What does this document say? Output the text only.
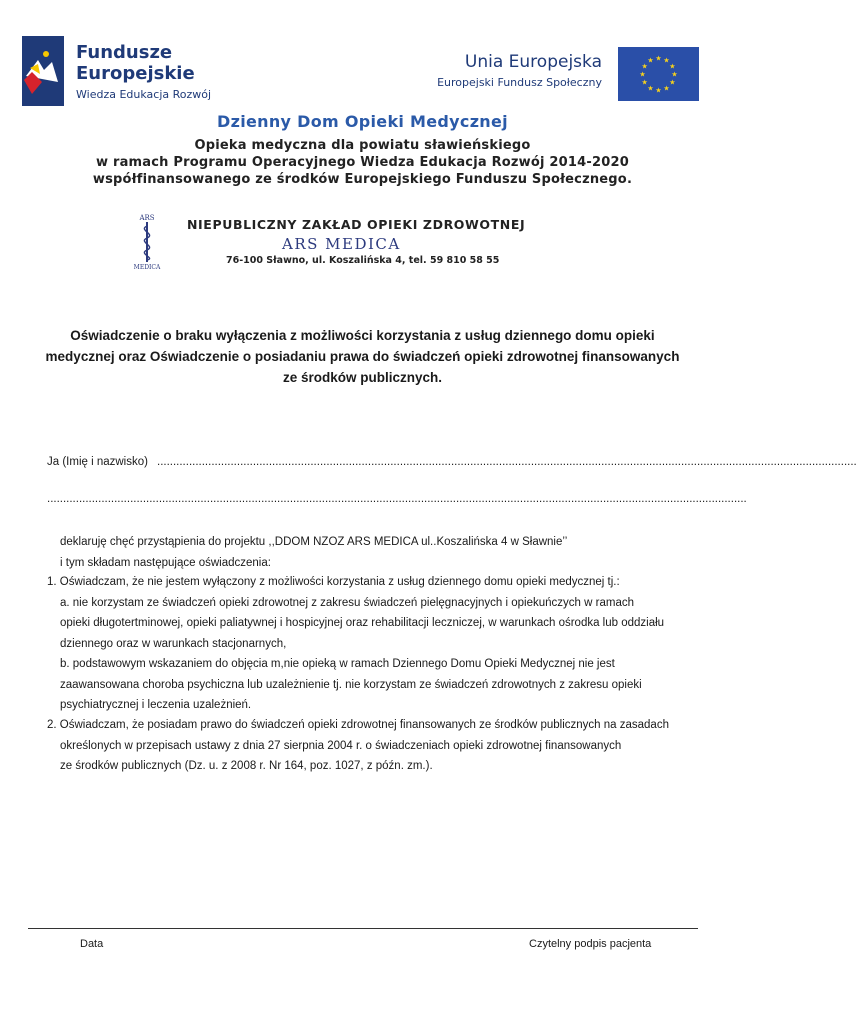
Fundusze
Europejskie
Wiedza Edukacja Rozwój
Unia Europejska
Europejski Fundusz Społeczny
★
★
★
★
★
★
★
★
★ ★ ★
★
Dzienny Dom Opieki Medycznej
Opieka medyczna dla powiatu sławieńskiego
w ramach Programu Operacyjnego Wiedza Edukacja Rozwój 2014-2020
współfinansowanego ze środków Europejskiego Funduszu Społecznego.
ARS
MEDICA
NIEPUBLICZNY ZAKŁAD OPIEKI ZDROWOTNEJ
ARS MEDICA
76-100 Sławno, ul. Koszalińska 4, tel. 59 810 58 55
Oświadczenie o braku wyłączenia z możliwości korzystania z usług dziennego domu opieki medycznej oraz Oświadczenie o posiadaniu prawa do świadczeń opieki zdrowotnej finansowanych ze środków publicznych.
Ja (Imię i nazwisko) ...........................................................................................................................................................................................................................
...........................................................................................................................................................................................................................
deklaruję chęć przystąpienia do projektu ,,DDOM NZOZ ARS MEDICA ul..Koszalińska 4 w Sławnie’’
i tym składam następujące oświadczenia:
1. Oświadczam, że nie jestem wyłączony z możliwości korzystania z usług dziennego domu opieki medycznej tj.:
a. nie korzystam ze świadczeń opieki zdrowotnej z zakresu świadczeń pielęgnacyjnych i opiekuńczych w ramach
opieki długotertminowej, opieki paliatywnej i hospicyjnej oraz rehabilitacji leczniczej, w warunkach ośrodka lub oddziału
dziennego oraz w warunkach stacjonarnych,
b. podstawowym wskazaniem do objęcia m,nie opieką w ramach Dziennego Domu Opieki Medycznej nie jest
zaawansowana choroba psychiczna lub uzależnienie tj. nie korzystam ze świadczeń zdrowotnych z zakresu opieki
psychiatrycznej i leczenia uzależnień.
2. Oświadczam, że posiadam prawo do świadczeń opieki zdrowotnej finansowanych ze środków publicznych na zasadach
określonych w przepisach ustawy z dnia 27 sierpnia 2004 r. o świadczeniach opieki zdrowotnej finansowanych
ze środków publicznych (Dz. u. z 2008 r. Nr 164, poz. 1027, z późn. zm.).
Data	Czytelny podpis pacjenta
